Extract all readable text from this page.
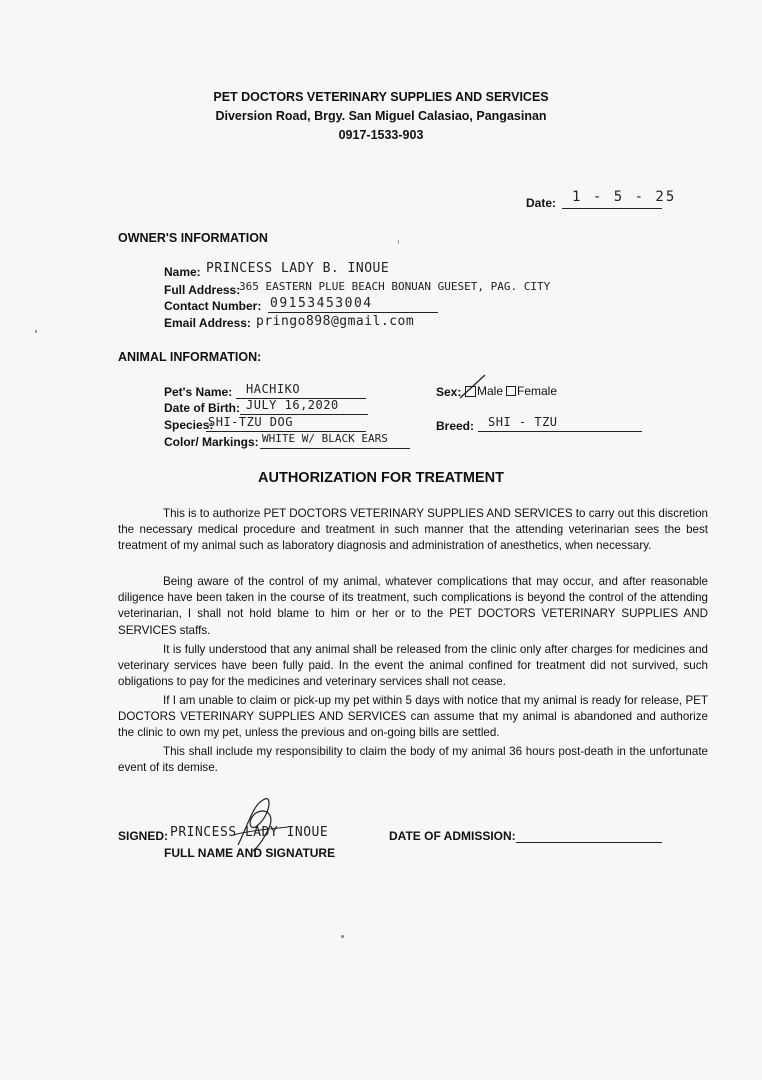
PET DOCTORS VETERINARY SUPPLIES AND SERVICES
Diversion Road, Brgy. San Miguel Calasiao, Pangasinan
0917-1533-903
Date: 1 - 5 - 25
OWNER'S INFORMATION
Name: PRINCESS LADY B. INOUE
Full Address:
365 EASTERN PLUE BEACH BONUAN GUESET, PAG. CITY
Contact Number: 09153453004
Email Address: pringo898@gmail.com
ANIMAL INFORMATION:
Pet's Name: HACHIKO
Date of Birth: JULY 16,2020
Species:
SHI-TZU DOG
Color/ Markings: WHITE W/ BLACK EARS
Sex: Male Female
Breed: SHI - TZU
AUTHORIZATION FOR TREATMENT

This is to authorize PET DOCTORS VETERINARY SUPPLIES AND SERVICES to carry out this discretion the necessary medical procedure and treatment in such manner that the attending veterinarian sees the best treatment of my animal such as laboratory diagnosis and administration of anesthetics, when necessary.

Being aware of the control of my animal, whatever complications that may occur, and after reasonable diligence have been taken in the course of its treatment, such complications is beyond the control of the attending veterinarian, I shall not hold blame to him or her or to the PET DOCTORS VETERINARY SUPPLIES AND SERVICES staffs.

It is fully understood that any animal shall be released from the clinic only after charges for medicines and veterinary services have been fully paid. In the event the animal confined for treatment did not survived, such obligations to pay for the medicines and veterinary services shall not cease.

If I am unable to claim or pick-up my pet within 5 days with notice that my animal is ready for release, PET DOCTORS VETERINARY SUPPLIES AND SERVICES can assume that my animal is abandoned and authorize the clinic to own my pet, unless the previous and on-going bills are settled.

This shall include my responsibility to claim the body of my animal 36 hours post-death in the unfortunate event of its demise.

SIGNED: PRINCESS LADY INOUE
FULL NAME AND SIGNATURE
DATE OF ADMISSION:
